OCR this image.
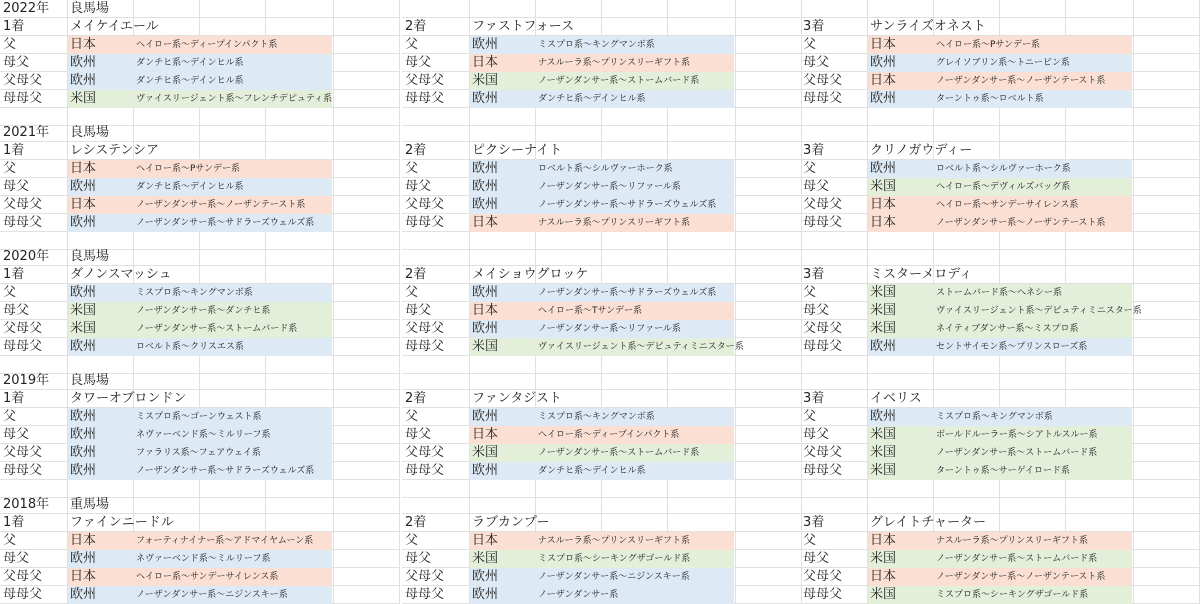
2022年 良馬場
1着	メイケイエール	2着	ファストフォース	3着	サンライズオネスト
父	日本	ヘイロー系～ディープインパクト系	父	欧州	ミスプロ系～キングマンボ系	父	日本	ヘイロー系～Pサンデー系
母父	欧州	ダンチヒ系～デインヒル系	母父	日本	ナスルーラ系～プリンスリーギフト系	母父	欧州	グレイソブリン系～トニービン系
父母父 欧州	ダンチヒ系～デインヒル系	父母父 米国	ノーザンダンサー系～ストームバード系	父母父 日本	ノーザンダンサー系～ノーザンテースト系
母母父 米国	ヴァイスリージェント系～フレンチデピュティ系	母母父 欧州	ダンチヒ系～デインヒル系	母母父 欧州	ターントゥ系～ロベルト系
2021年 良馬場
1着	レシステンシア	2着	ピクシーナイト	3着	クリノガウディー
父	日本	ヘイロー系～Pサンデー系	父	欧州	ロベルト系～シルヴァーホーク系	父	欧州	ロベルト系～シルヴァーホーク系
母父	欧州	ダンチヒ系～デインヒル系	母父	欧州	ノーザンダンサー系～リファール系	母父	米国	ヘイロー系～デヴィルズバッグ系
父母父 日本	ノーザンダンサー系～ノーザンテースト系	父母父 欧州	ノーザンダンサー系～サドラーズウェルズ系	父母父 日本	ヘイロー系～サンデーサイレンス系
母母父 欧州	ノーザンダンサー系～サドラーズウェルズ系	母母父 日本	ナスルーラ系～プリンスリーギフト系	母母父 日本	ノーザンダンサー系～ノーザンテースト系
2020年 良馬場
1着	ダノンスマッシュ	2着	メイショウグロッケ	3着	ミスターメロディ
父	欧州	ミスプロ系～キングマンボ系	父	欧州	ノーザンダンサー系～サドラーズウェルズ系	父	米国	ストームバード系～ヘネシー系
母父	米国	ノーザンダンサー系～ダンチヒ系	母父	日本	ヘイロー系～Tサンデー系	母父	米国	ヴァイスリージェント系～デピュティミニスター系
父母父 米国	ノーザンダンサー系～ストームバード系	父母父 欧州	ノーザンダンサー系～リファール系	父母父 米国	ネイティブダンサー系～ミスプロ系
母母父 欧州	ロベルト系～クリスエス系	母母父 米国	ヴァイスリージェント系～デピュティミニスター系	母母父 欧州	セントサイモン系～プリンスローズ系
2019年 良馬場
1着	タワーオブロンドン	2着	ファンタジスト	3着	イベリス
父	欧州	ミスプロ系～ゴーンウェスト系	父	欧州	ミスプロ系～キングマンボ系	父	欧州	ミスプロ系～キングマンボ系
母父	欧州	ネヴァーベンド系～ミルリーフ系	母父	日本	ヘイロー系～ディープインパクト系	母父	米国	ボールドルーラー系～シアトルスルー系
父母父 欧州	ファラリス系～フェアウェイ系	父母父 米国	ノーザンダンサー系～ストームバード系	父母父 米国	ノーザンダンサー系～ストームバード系
母母父 欧州	ノーザンダンサー系～サドラーズウェルズ系	母母父 欧州	ダンチヒ系～デインヒル系	母母父 米国	ターントゥ系～サーゲイロード系
2018年 重馬場
1着	ファインニードル	2着	ラブカンプー	3着	グレイトチャーター
父	日本	フォーティナイナー系～アドマイヤムーン系	父	日本	ナスルーラ系～プリンスリーギフト系	父	日本	ナスルーラ系～プリンスリーギフト系
母父	欧州	ネヴァーベンド系～ミルリーフ系	母父	米国	ミスプロ系～シーキングザゴールド系	母父	米国	ノーザンダンサー系～ストームバード系
父母父 日本	ヘイロー系～サンデーサイレンス系	父母父 欧州	ノーザンダンサー系～ニジンスキー系	父母父 日本	ノーザンダンサー系～ノーザンテースト系
母母父 欧州	ノーザンダンサー系～ニジンスキー系	母母父 欧州	ノーザンダンサー系	母母父 米国	ミスプロ系～シーキングザゴールド系
